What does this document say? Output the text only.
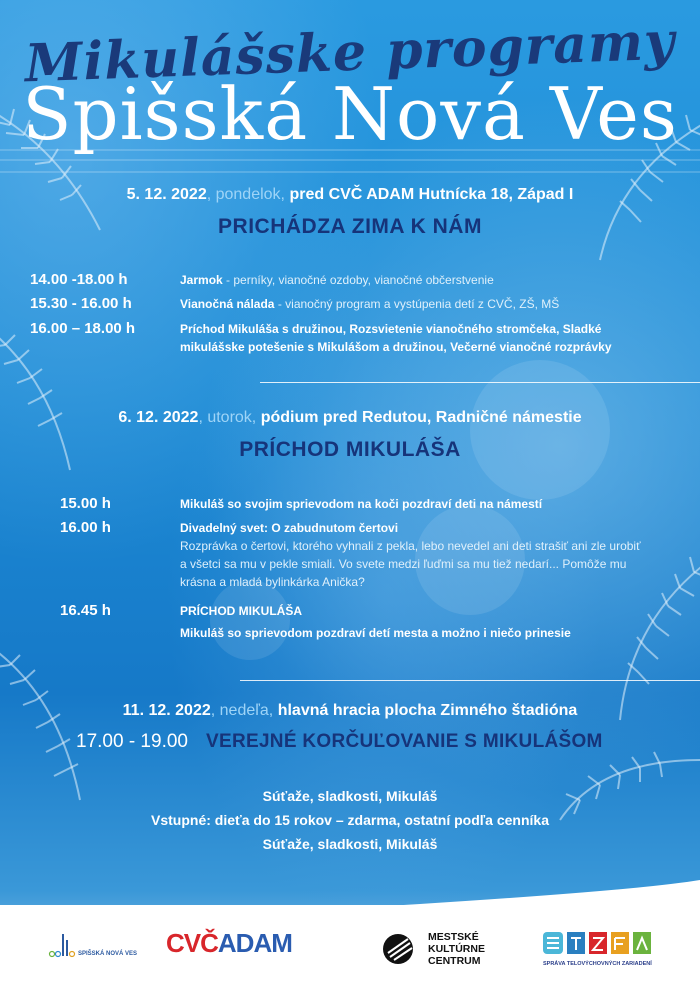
Mikulášske programy
Spišská Nová Ves
5. 12. 2022, pondelok, pred CVČ ADAM Hutnícka 18, Západ I
PRICHÁDZA ZIMA K NÁM
14.00 -18.00 h	Jarmok - perníky, vianočné ozdoby, vianočné občerstvenie
15.30 - 16.00 h	Vianočná nálada - vianočný program a vystúpenia detí z CVČ, ZŠ, MŠ
16.00 – 18.00 h	Príchod Mikuláša s družinou, Rozsvietenie vianočného stromčeka, Sladké
mikulášske potešenie s Mikulášom a družinou, Večerné vianočné rozprávky
6. 12. 2022, utorok, pódium pred Redutou, Radničné námestie
PRÍCHOD MIKULÁŠA
15.00 h	Mikuláš so svojim sprievodom na koči pozdraví deti na námestí
16.00 h	Divadelný svet: O zabudnutom čertovi
Rozprávka o čertovi, ktorého vyhnali z pekla, lebo nevedel ani deti strašiť ani zle urobiť
a všetci sa mu v pekle smiali. Vo svete medzi ľuďmi sa mu tiež nedarí... Pomôže mu
krásna a mladá bylinkárka Anička?
16.45 h	PRÍCHOD MIKULÁŠA
Mikuláš so sprievodom pozdraví detí mesta a možno i niečo prinesie
11. 12. 2022, nedeľa, hlavná hracia plocha Zimného štadióna
17.00 - 19.00 VEREJNÉ KORČUĽOVANIE S MIKULÁŠOM
Súťaže, sladkosti, Mikuláš
Vstupné: dieťa do 15 rokov – zdarma, ostatní podľa cenníka
Súťaže, sladkosti, Mikuláš
SPIŠSKÁ NOVÁ VES CVČADAM	MESTSKÉ
KULTÚRNE
CENTRUM	SPRÁVA TELOVÝCHOVNÝCH ZARIADENÍ
